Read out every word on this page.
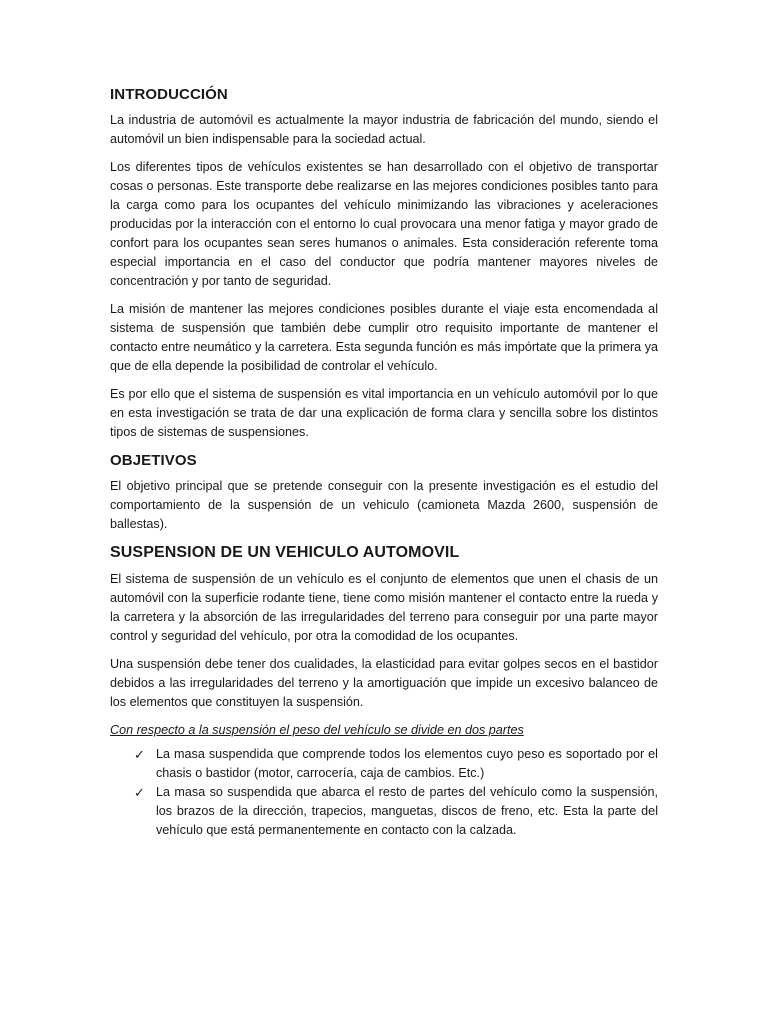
INTRODUCCIÓN

La industria de automóvil es actualmente la mayor industria de fabricación del mundo, siendo el automóvil un bien indispensable para la sociedad actual.

Los diferentes tipos de vehículos existentes se han desarrollado con el objetivo de transportar cosas o personas. Este transporte debe realizarse en las mejores condiciones posibles tanto para la carga como para los ocupantes del vehículo minimizando las vibraciones y aceleraciones producidas por la interacción con el entorno lo cual provocara una menor fatiga y mayor grado de confort para los ocupantes sean seres humanos o animales. Esta consideración referente toma especial importancia en el caso del conductor que podría mantener mayores niveles de concentración y por tanto de seguridad.

La misión de mantener las mejores condiciones posibles durante el viaje esta encomendada al sistema de suspensión que también debe cumplir otro requisito importante de mantener el contacto entre neumático y la carretera. Esta segunda función es más impórtate que la primera ya que de ella depende la posibilidad de controlar el vehículo.

Es por ello que el sistema de suspensión es vital importancia en un vehículo automóvil por lo que en esta investigación se trata de dar una explicación de forma clara y sencilla sobre los distintos tipos de sistemas de suspensiones.

OBJETIVOS

El objetivo principal que se pretende conseguir con la presente investigación es el estudio del comportamiento de la suspensión de un vehiculo (camioneta Mazda 2600, suspensión de ballestas).

SUSPENSION DE UN VEHICULO AUTOMOVIL

El sistema de suspensión de un vehículo es el conjunto de elementos que unen el chasis de un automóvil con la superficie rodante tiene, tiene como misión mantener el contacto entre la rueda y la carretera y la absorción de las irregularidades del terreno para conseguir por una parte mayor control y seguridad del vehículo, por otra la comodidad de los ocupantes.

Una suspensión debe tener dos cualidades, la elasticidad para evitar golpes secos en el bastidor debidos a las irregularidades del terreno y la amortiguación que impide un excesivo balanceo de los elementos que constituyen la suspensión.

Con respecto a la suspensión el peso del vehículo se divide en dos partes
✓ La masa suspendida que comprende todos los elementos cuyo peso es soportado por el chasis o bastidor (motor, carrocería, caja de cambios. Etc.)
✓ La masa so suspendida que abarca el resto de partes del vehículo como la suspensión, los brazos de la dirección, trapecios, manguetas, discos de freno, etc. Esta la parte del vehículo que está permanentemente en contacto con la calzada.
